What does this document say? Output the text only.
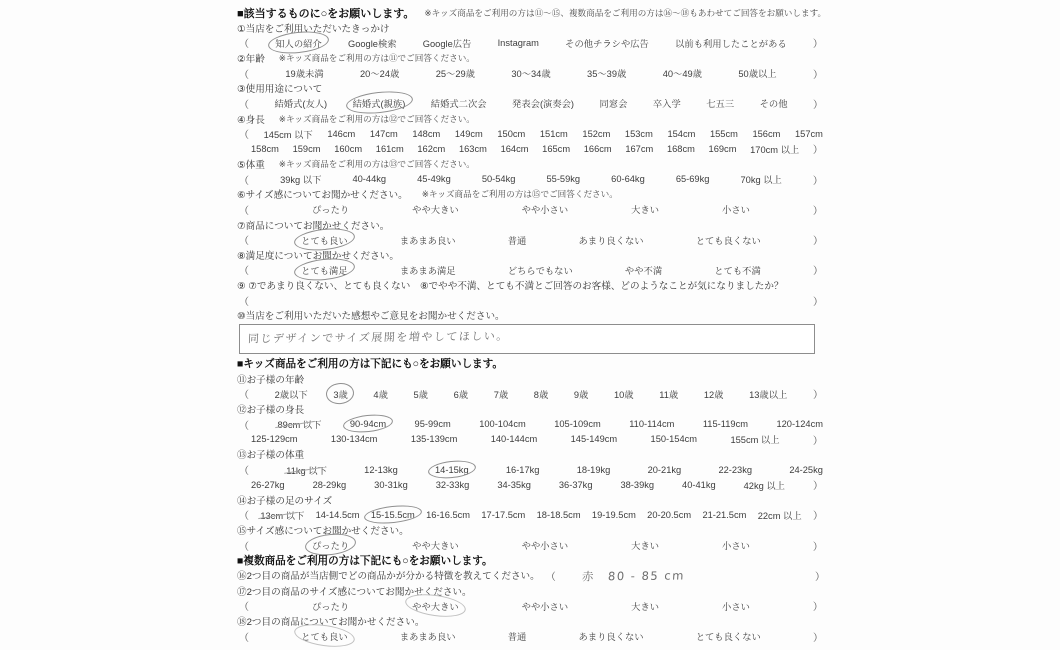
■該当するものに○をお願いします。 ※キッズ商品をご利用の方は⑪〜⑮、複数商品をご利用の方は⑯〜⑱もあわせてご回答をお願いします。
①当店をご利用いただいたきっかけ
（	知人の紹介	Google検索	Google広告	Instagram	その他チラシや広告	以前も利用したことがある	）
②年齢 ※キッズ商品をご利用の方は⑪でご回答ください。
（	19歳未満	20〜24歳	25〜29歳	30〜34歳	35〜39歳	40〜49歳	50歳以上	）
③使用用途について
（	結婚式(友人)	結婚式(親族)	結婚式二次会	発表会(演奏会)	同窓会	卒入学	七五三	その他	）
④身長 ※キッズ商品をご利用の方は⑫でご回答ください。
（ 145cm 以下 146cm 147cm 148cm 149cm 150cm 151cm 152cm 153cm 154cm 155cm 156cm 157cm
158cm 159cm 160cm 161cm 162cm 163cm 164cm 165cm 166cm 167cm 168cm 169cm 170cm 以上 ）
⑤体重 ※キッズ商品をご利用の方は⑬でご回答ください。
（	39kg 以下	40-44kg	45-49kg	50-54kg	55-59kg	60-64kg	65-69kg	70kg 以上	）
⑥サイズ感についてお聞かせください。 ※キッズ商品をご利用の方は⑮でご回答ください。
（	ぴったり	やや大きい	やや小さい	大きい	小さい	）
⑦商品についてお聞かせください。
（	とても良い	まあまあ良い	普通	あまり良くない	とても良くない	）
⑧満足度についてお聞かせください。
（	とても満足	まあまあ満足	どちらでもない	やや不満	とても不満	）
⑨ ⑦であまり良くない、とても良くない　⑧でやや不満、とても不満とご回答のお客様、どのようなことが気になりましたか？
（	）
⑩当店をご利用いただいた感想やご意見をお聞かせください。
同じデザインでサイズ展開を増やしてほしい。
■キッズ商品をご利用の方は下記にも○をお願いします。
⑪お子様の年齢
（	2歳以下	3歳	4歳	5歳	6歳	7歳	8歳	9歳	10歳	11歳	12歳	13歳以上	）
⑫お子様の身長
（	89cm 以下	90-94cm	95-99cm	100-104cm	105-109cm	110-114cm	115-119cm	120-124cm
125-129cm	130-134cm	135-139cm	140-144cm	145-149cm	150-154cm	155cm 以上	）
⑬お子様の体重
（	11kg 以下	12-13kg	14-15kg	16-17kg	18-19kg	20-21kg	22-23kg	24-25kg
26-27kg	28-29kg	30-31kg	32-33kg	34-35kg	36-37kg	38-39kg	40-41kg	42kg 以上	）
⑭お子様の足のサイズ
（ 13cm 以下 14-14.5cm 15-15.5cm 16-16.5cm 17-17.5cm 18-18.5cm 19-19.5cm 20-20.5cm 21-21.5cm 22cm 以上 ）
⑮サイズ感についてお聞かせください。
（	ぴったり	やや大きい	やや小さい	大きい	小さい	）
■複数商品をご利用の方は下記にも○をお願いします。
⑯2つ目の商品が当店側でどの商品かが分かる特徴を教えてください。 （ 赤　80 - 85 cm	）
⑰2つ目の商品のサイズ感についてお聞かせください。
（	ぴったり	やや大きい	やや小さい	大きい	小さい	）
⑱2つ目の商品についてお聞かせください。
（	とても良い	まあまあ良い	普通	あまり良くない	とても良くない	）
